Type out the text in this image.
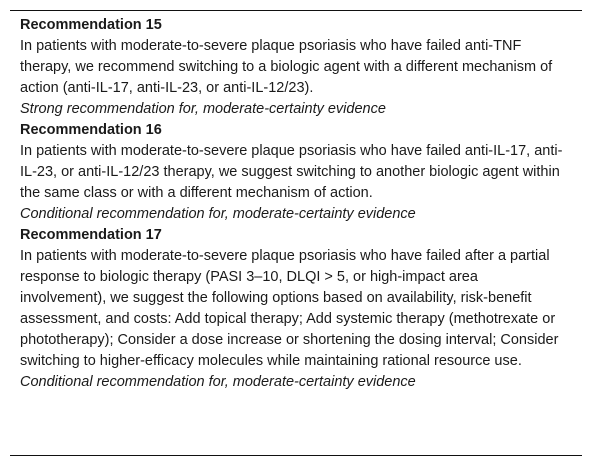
Recommendation 15

In patients with moderate-to-severe plaque psoriasis who have failed anti-TNF therapy, we recommend switching to a biologic agent with a different mechanism of action (anti-IL-17, anti-IL-23, or anti-IL-12/23).

Strong recommendation for, moderate-certainty evidence

Recommendation 16

In patients with moderate-to-severe plaque psoriasis who have failed anti-IL-17, anti-IL-23, or anti-IL-12/23 therapy, we suggest switching to another biologic agent within the same class or with a different mechanism of action.

Conditional recommendation for, moderate-certainty evidence

Recommendation 17

In patients with moderate-to-severe plaque psoriasis who have failed after a partial response to biologic therapy (PASI 3–10, DLQI > 5, or high-impact area involvement), we suggest the following options based on availability, risk-benefit assessment, and costs: Add topical therapy; Add systemic therapy (methotrexate or phototherapy); Consider a dose increase or shortening the dosing interval; Consider switching to higher-efficacy molecules while maintaining rational resource use.

Conditional recommendation for, moderate-certainty evidence
